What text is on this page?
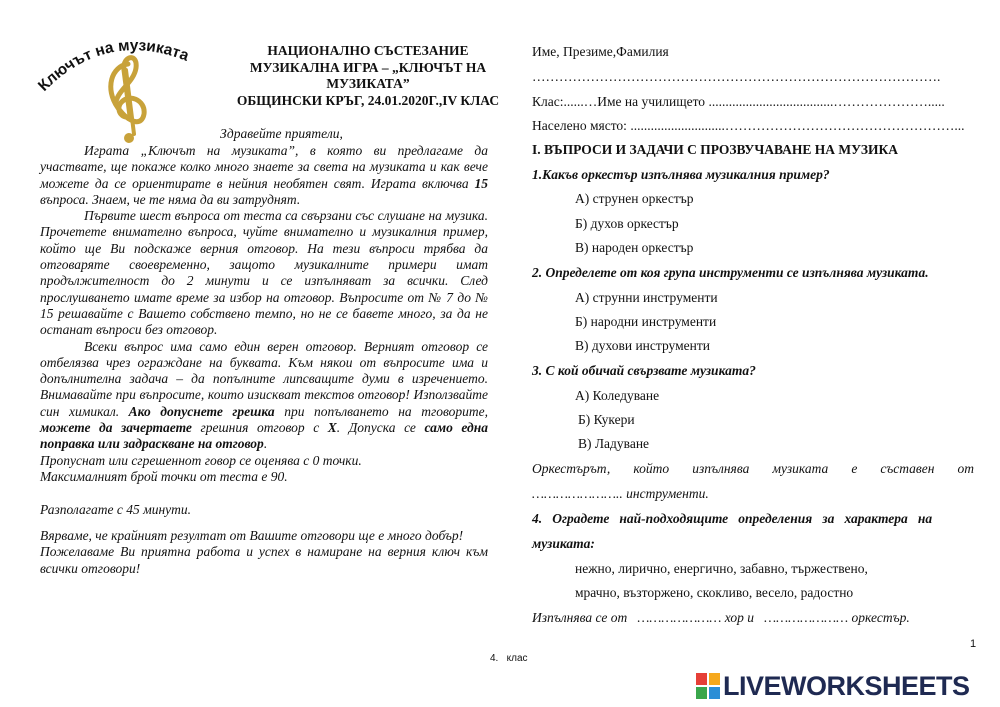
Ключът на музиката	НАЦИОНАЛНО СЪСТЕЗАНИЕ
МУЗИКАЛНА ИГРА – „КЛЮЧЪТ НА
МУЗИКАТА”
ОБЩИНСКИ КРЪГ, 24.01.2020Г.,IV КЛАС
Здравейте приятели,

Играта „Ключът на музиката”, в която ви предлагаме да участвате, ще покаже колко много знаете за света на музиката и как вече можете да се ориентирате в нейния необятен свят. Играта включва 15 въпроса. Знаем, че те няма да ви затруднят.

Първите шест въпроса от теста са свързани със слушане на музика. Прочетете внимателно въпроса, чуйте внимателно и музикалния пример, който ще Ви подскаже верния отговор. На тези въпроси трябва да отговаряте своевременно, защото музикалните примери имат продължителност до 2 минути и се изпълняват за всички. След прослушването имате време за избор на отговор. Въпросите от № 7 до № 15 решавайте с Вашето собствено темпо, но не се бавете много, за да не останат въпроси без отговор.

Всеки въпрос има само един верен отговор. Верният отговор се отбелязва чрез ограждане на буквата. Към някои от въпросите има и допълнителна задача – да попълните липсващите думи в изречението. Внимавайте при въпросите, които изискват текстов отговор! Използвайте син химикал. Ако допуснете грешка при попълването на тговорите, можете да зачертаете грешния отговор с X. Допуска се само една поправка или задраскване на отговор.

Пропуснат или сгрешеннот говор се оценява с 0 точки.

Максималният брой точки от теста е 90.

Разполагате с 45 минути.

Вярваме, че крайният резултат от Вашите отговори ще е много добър!

Пожелаваме Ви приятна работа и успех в намиране на верния ключ към всички отговори!

Име, Презиме,Фамилия
……………………………………………………………………………….
Клас:......…Име на училището .....................................………………….....
Населено място: ............................……………………………………………...
I. ВЪПРОСИ И ЗАДАЧИ С ПРОЗВУЧАВАНЕ НА МУЗИКА
1.Какъв оркестър изпълнява музикалния пример?
А) струнен оркестър
Б) духов оркестър
В) народен оркестър
2. Определете от коя група инструменти се изпълнява музиката.
А) струнни инструменти
Б) народни инструменти
В) духови инструменти
3. С кой обичай свързвате музиката?
А) Коледуване
Б) Кукери
В) Ладуване
Оркестърът, който изпълнява музиката е съставен от
………………….. инструменти.
4.   Оградете   най-подходящите   определения   за   характера   на
музиката:
нежно, лирично, енергично, забавно, тържествено,
мрачно, възторжено, скокливо, весело, радостно
Изпълнява се от   ………………… хор и   ………………… оркестър.
1
4.   клас
LIVEWORKSHEETS
